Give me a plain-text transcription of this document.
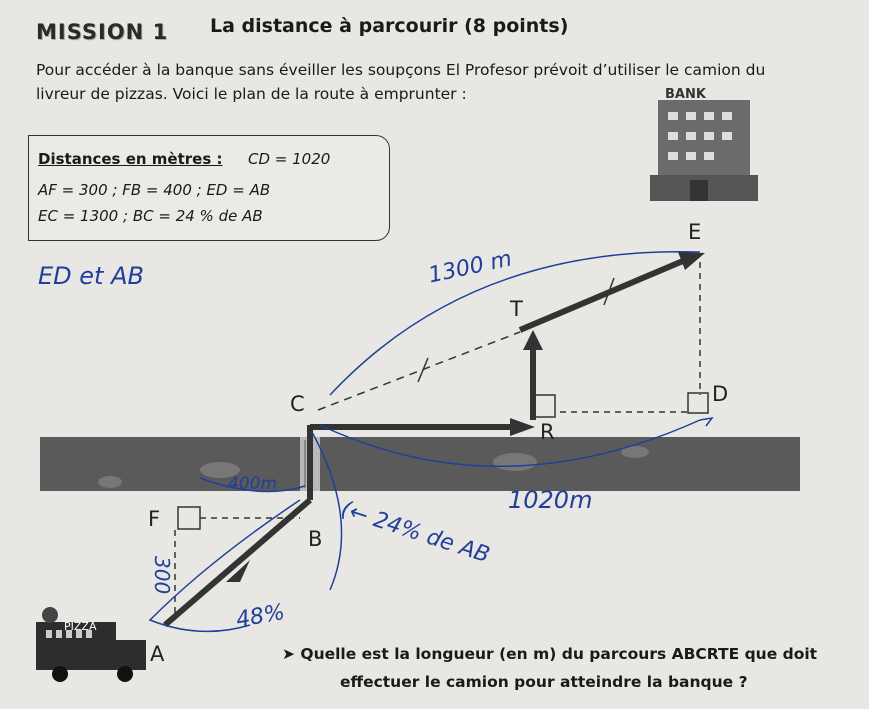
MISSION 1 La distance à parcourir (8 points)
Pour accéder à la banque sans éveiller les soupçons El Profesor prévoit d’utiliser le camion du
livreur de pizzas. Voici le plan de la route à emprunter :	BANK
PIZZA
Distances en mètres : CD = 1020
AF = 300 ; FB = 400 ; ED = AB
EC = 1300 ; BC = 24 % de AB
E
T
C	D
R
F
B
A
ED et AB	1300 m
400m
1020m
(← 24% de AB
300
48%
➤ Quelle est la longueur (en m) du parcours ABCRTE que doit
effectuer le camion pour atteindre la banque ?
